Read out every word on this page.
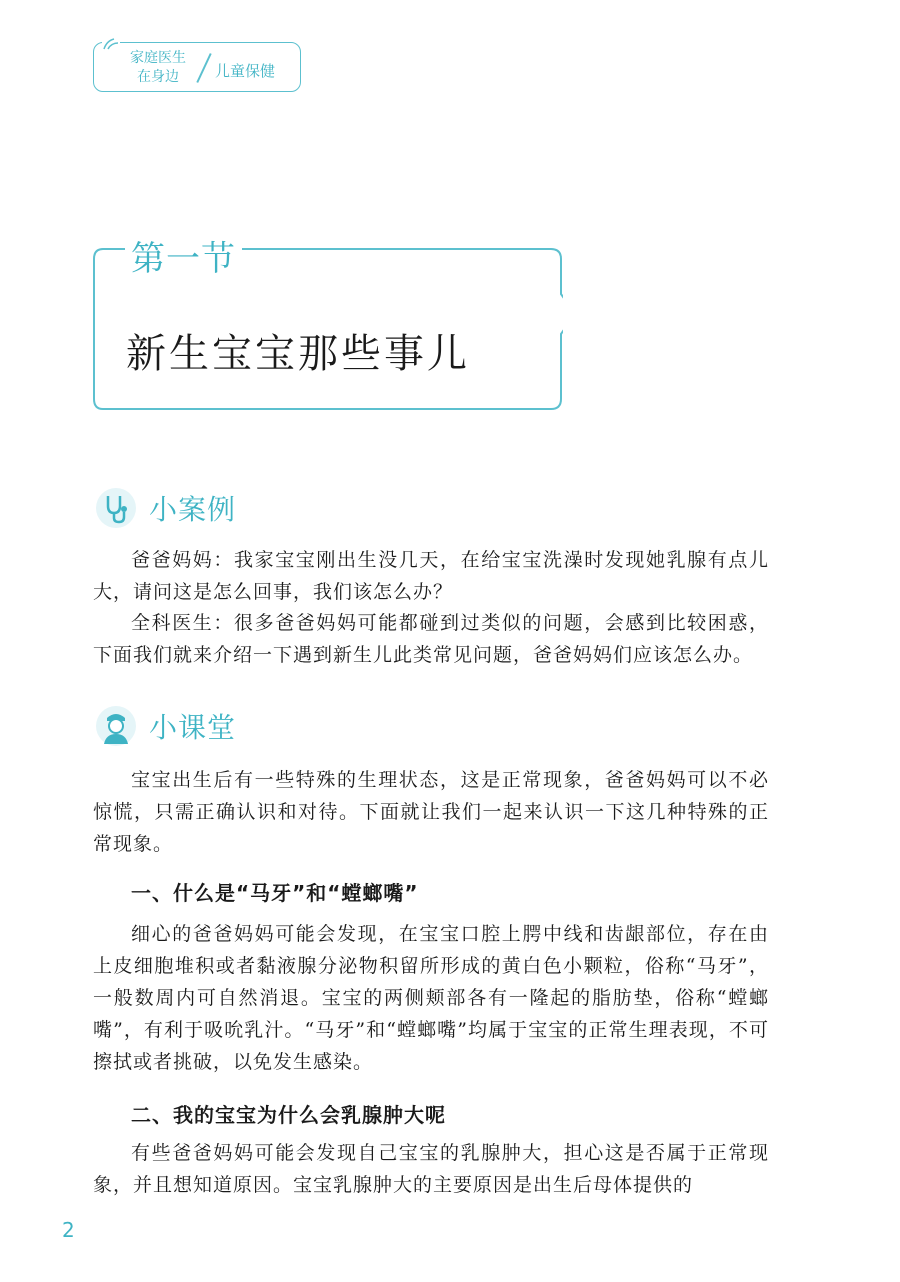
家庭医生
在身边	儿童保健
第一节
新生宝宝那些事儿
小案例

爸爸妈妈：我家宝宝刚出生没几天，在给宝宝洗澡时发现她乳腺有点儿大，请问这是怎么回事，我们该怎么办？

全科医生：很多爸爸妈妈可能都碰到过类似的问题，会感到比较困惑，下面我们就来介绍一下遇到新生儿此类常见问题，爸爸妈妈们应该怎么办。

小课堂

宝宝出生后有一些特殊的生理状态，这是正常现象，爸爸妈妈可以不必惊慌，只需正确认识和对待。下面就让我们一起来认识一下这几种特殊的正常现象。

一、什么是“马牙”和“螳螂嘴”

细心的爸爸妈妈可能会发现，在宝宝口腔上腭中线和齿龈部位，存在由上皮细胞堆积或者黏液腺分泌物积留所形成的黄白色小颗粒，俗称“马牙”，一般数周内可自然消退。宝宝的两侧颊部各有一隆起的脂肪垫，俗称“螳螂嘴”，有利于吸吮乳汁。“马牙”和“螳螂嘴”均属于宝宝的正常生理表现，不可擦拭或者挑破，以免发生感染。

二、我的宝宝为什么会乳腺肿大呢

有些爸爸妈妈可能会发现自己宝宝的乳腺肿大，担心这是否属于正常现象，并且想知道原因。宝宝乳腺肿大的主要原因是出生后母体提供的

2
